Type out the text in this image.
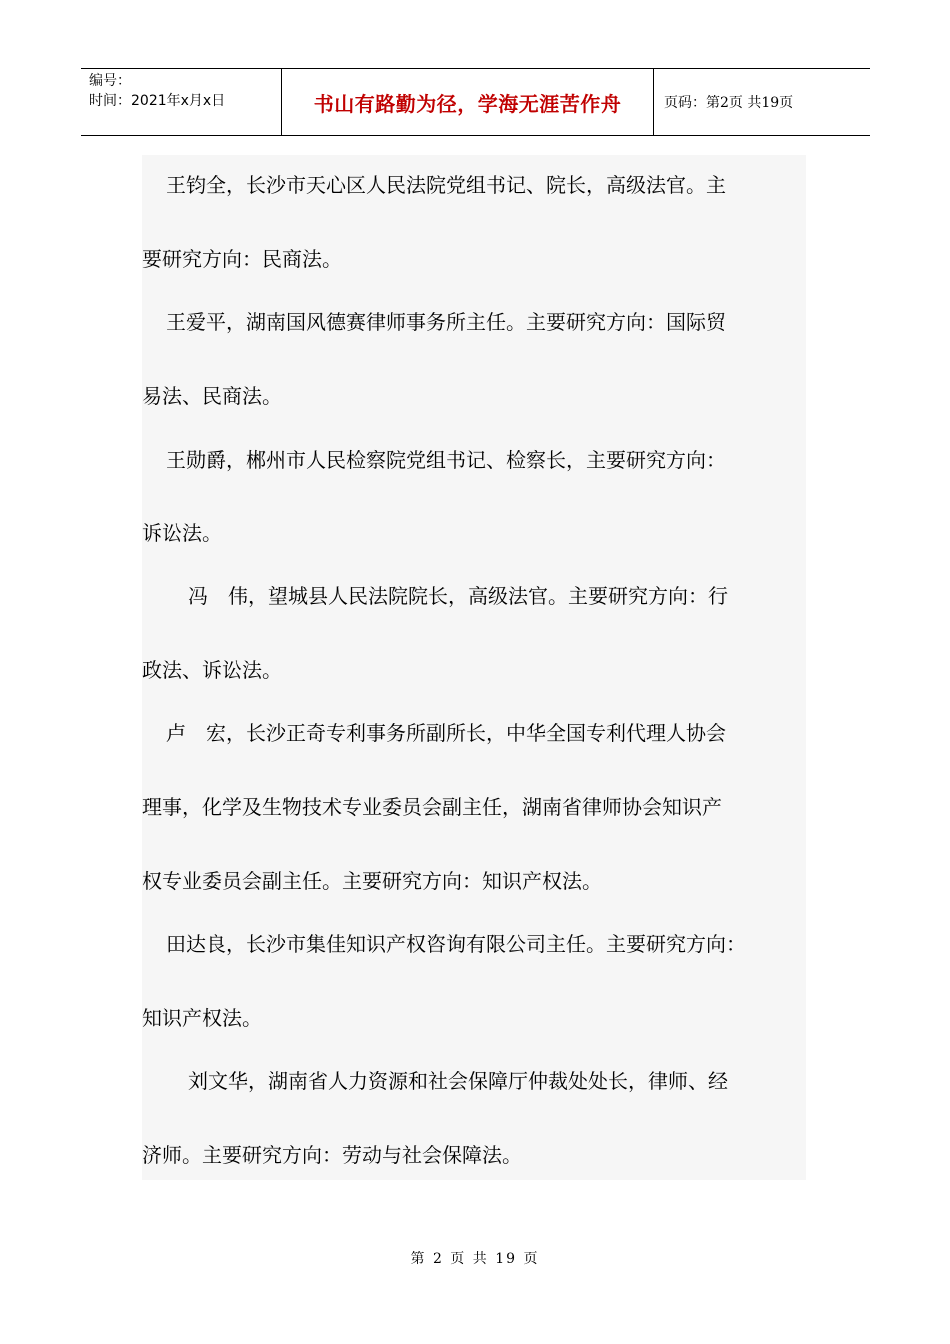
编号：
时间：2021年x月x日	书山有路勤为径，学海无涯苦作舟	页码：第2页 共19页
王钧全，长沙市天心区人民法院党组书记、院长，高级法官。主
要研究方向：民商法。
王爱平，湖南国风德赛律师事务所主任。主要研究方向：国际贸
易法、民商法。
王勋爵，郴州市人民检察院党组书记、检察长，主要研究方向：
诉讼法。
冯　伟，望城县人民法院院长，高级法官。主要研究方向：行
政法、诉讼法。
卢　宏，长沙正奇专利事务所副所长，中华全国专利代理人协会
理事，化学及生物技术专业委员会副主任，湖南省律师协会知识产
权专业委员会副主任。主要研究方向：知识产权法。
田达良，长沙市集佳知识产权咨询有限公司主任。主要研究方向：
知识产权法。
刘文华，湖南省人力资源和社会保障厅仲裁处处长，律师、经
济师。主要研究方向：劳动与社会保障法。
第 2 页 共 19 页
